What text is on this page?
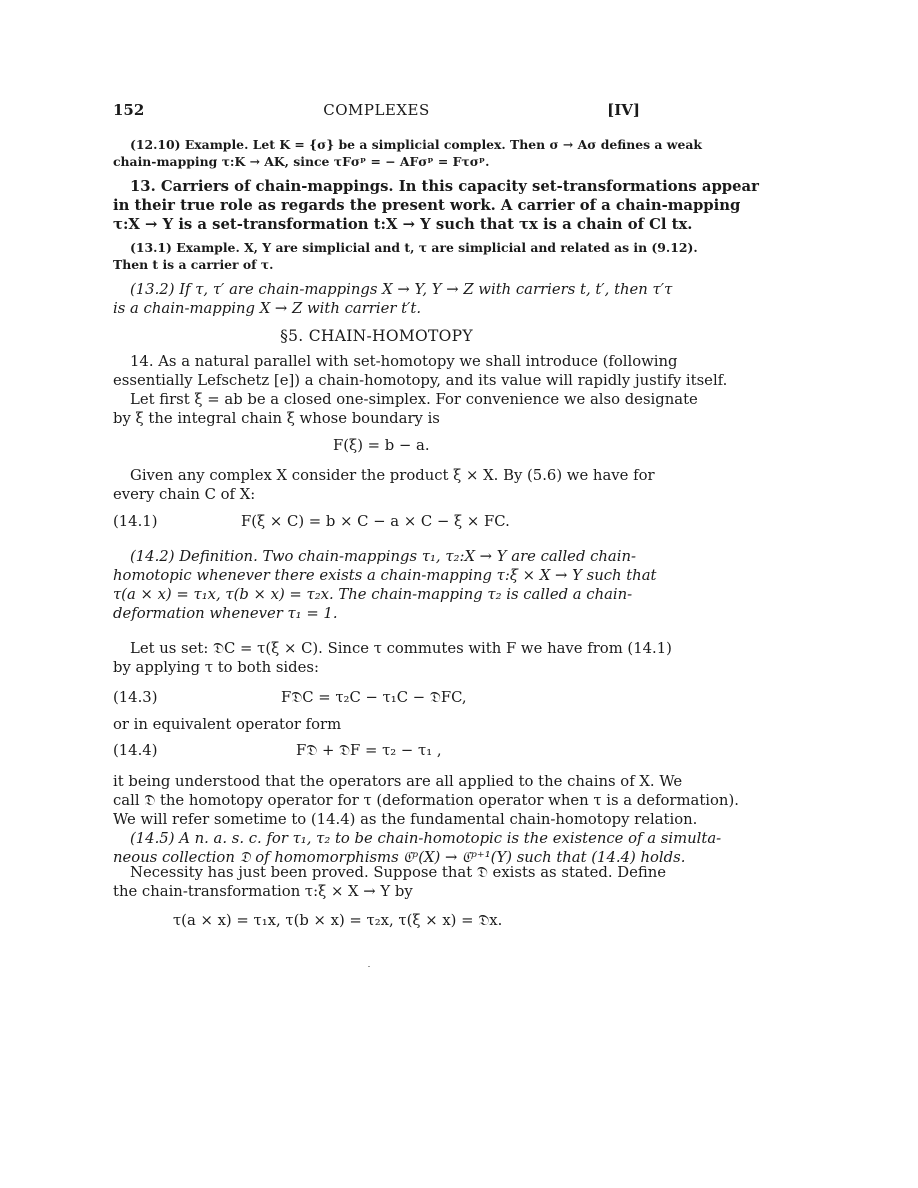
152	COMPLEXES	[IV]
(12.10) Example. Let K = {σ} be a simplicial complex. Then σ → Aσ defines a weak
chain-mapping τ:K → AK, since τFσᵖ = − AFσᵖ = Fτσᵖ.
13. Carriers of chain-mappings. In this capacity set-transformations appear
in their true role as regards the present work. A carrier of a chain-mapping
τ:X → Y is a set-transformation t:X → Y such that τx is a chain of Cl tx.
(13.1) Example. X, Y are simplicial and t, τ are simplicial and related as in (9.12).
Then t is a carrier of τ.
(13.2) If τ, τ′ are chain-mappings X → Y, Y → Z with carriers t, t′, then τ′τ
is a chain-mapping X → Z with carrier t′t.
§5. CHAIN-HOMOTOPY
14. As a natural parallel with set-homotopy we shall introduce (following
essentially Lefschetz [e]) a chain-homotopy, and its value will rapidly justify itself.
Let first ξ = ab be a closed one-simplex. For convenience we also designate
by ξ the integral chain ξ whose boundary is
F(ξ) = b − a.
Given any complex X consider the product ξ × X. By (5.6) we have for
every chain C of X:
(14.1)	F(ξ × C) = b × C − a × C − ξ × FC.
(14.2) Definition. Two chain-mappings τ₁, τ₂:X → Y are called chain-
homotopic whenever there exists a chain-mapping τ:ξ × X → Y such that
τ(a × x) = τ₁x, τ(b × x) = τ₂x. The chain-mapping τ₂ is called a chain-
deformation whenever τ₁ = 1.
Let us set: 𝔇C = τ(ξ × C). Since τ commutes with F we have from (14.1)
by applying τ to both sides:
(14.3)	F𝔇C = τ₂C − τ₁C − 𝔇FC,
or in equivalent operator form
(14.4)	F𝔇 + 𝔇F = τ₂ − τ₁ ,
it being understood that the operators are all applied to the chains of X. We
call 𝔇 the homotopy operator for τ (deformation operator when τ is a deformation).
We will refer sometime to (14.4) as the fundamental chain-homotopy relation.
(14.5) A n. a. s. c. for τ₁, τ₂ to be chain-homotopic is the existence of a simulta-
neous collection 𝔇 of homomorphisms ℭᵖ(X) → ℭᵖ⁺¹(Y) such that (14.4) holds.
Necessity has just been proved. Suppose that 𝔇 exists as stated. Define
the chain-transformation τ:ξ × X → Y by
τ(a × x) = τ₁x, τ(b × x) = τ₂x, τ(ξ × x) = 𝔇x.
